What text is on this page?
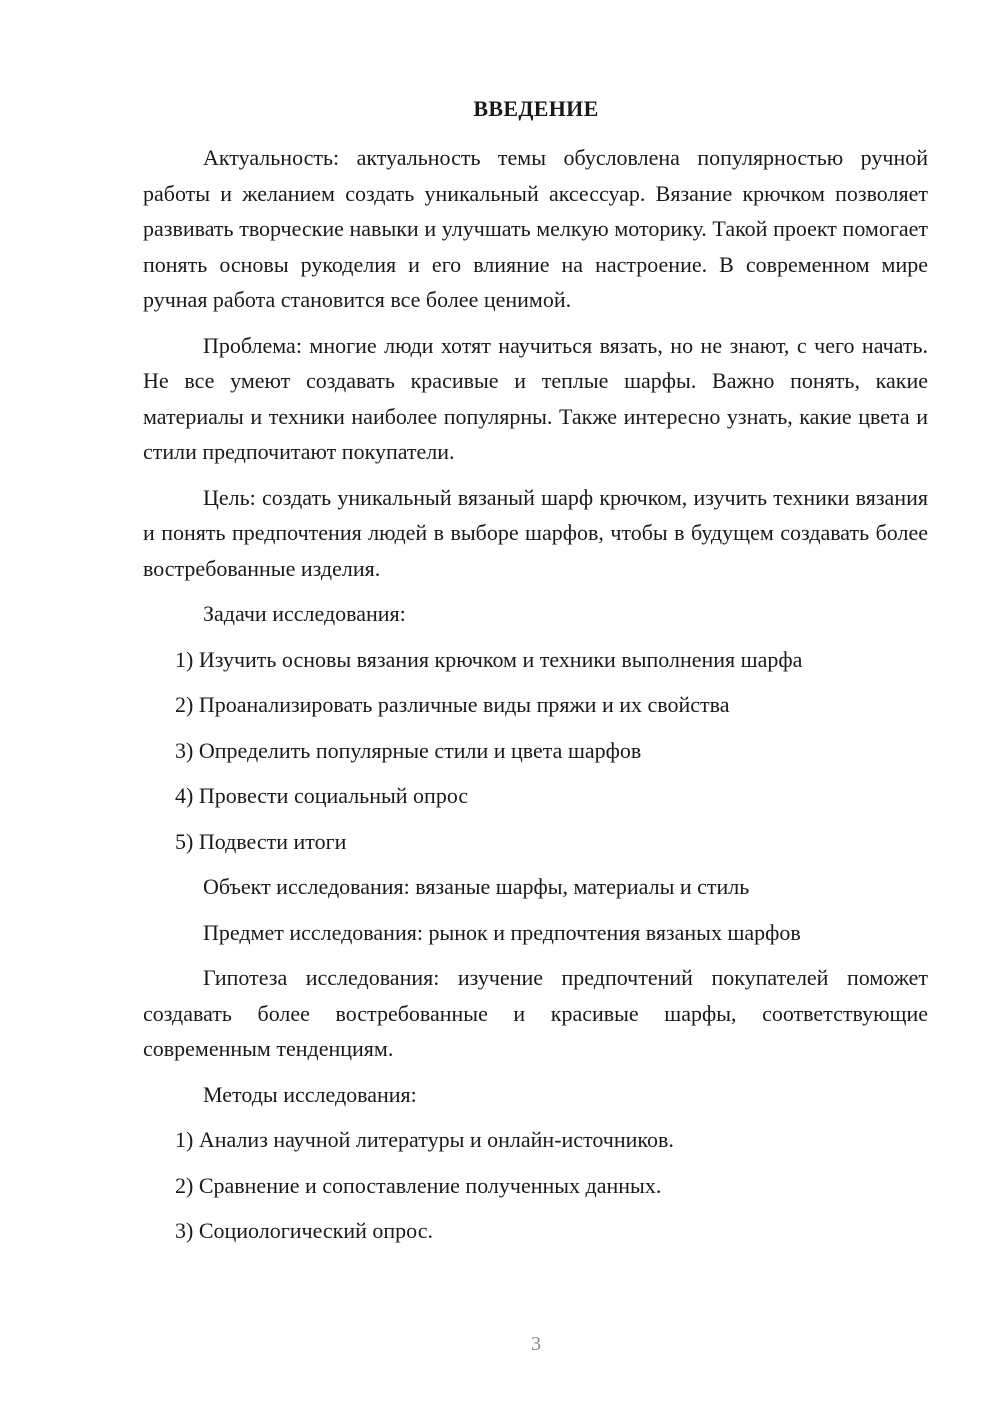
ВВЕДЕНИЕ

Актуальность: актуальность темы обусловлена популярностью ручной работы и желанием создать уникальный аксессуар. Вязание крючком позволяет развивать творческие навыки и улучшать мелкую моторику. Такой проект помогает понять основы рукоделия и его влияние на настроение. В современном мире ручная работа становится все более ценимой.

Проблема: многие люди хотят научиться вязать, но не знают, с чего начать. Не все умеют создавать красивые и теплые шарфы. Важно понять, какие материалы и техники наиболее популярны. Также интересно узнать, какие цвета и стили предпочитают покупатели.

Цель: создать уникальный вязаный шарф крючком, изучить техники вязания и понять предпочтения людей в выборе шарфов, чтобы в будущем создавать более востребованные изделия.

Задачи исследования:
1) Изучить основы вязания крючком и техники выполнения шарфа
2) Проанализировать различные виды пряжи и их свойства
3) Определить популярные стили и цвета шарфов
4) Провести социальный опрос
5) Подвести итоги
Объект исследования: вязаные шарфы, материалы и стиль
Предмет исследования: рынок и предпочтения вязаных шарфов

Гипотеза исследования: изучение предпочтений покупателей поможет создавать более востребованные и красивые шарфы, соответствующие современным тенденциям.

Методы исследования:
1) Анализ научной литературы и онлайн-источников.
2) Сравнение и сопоставление полученных данных.
3) Социологический опрос.
3
